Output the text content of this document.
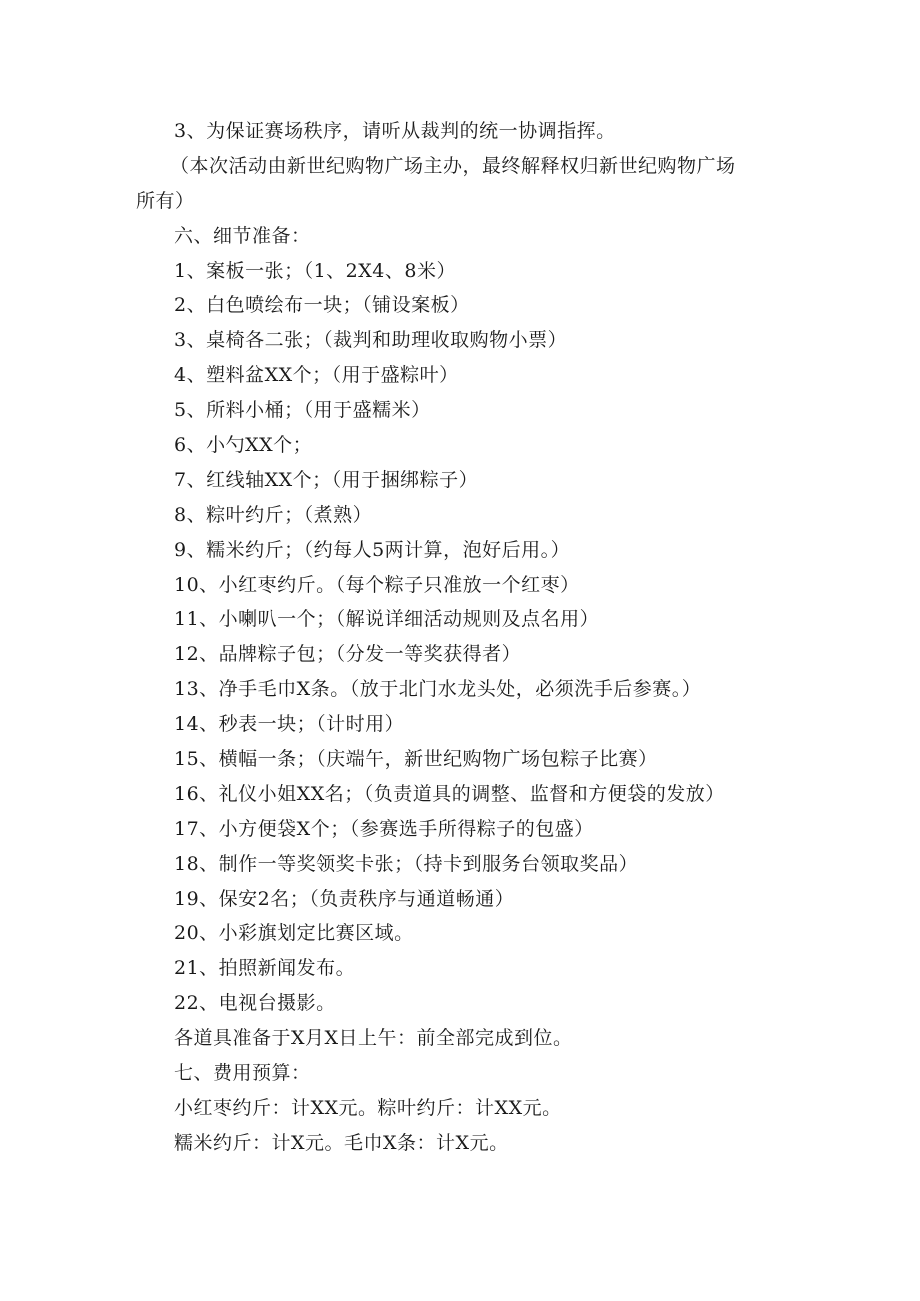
3、为保证赛场秩序，请听从裁判的统一协调指挥。
（本次活动由新世纪购物广场主办，最终解释权归新世纪购物广场
所有）
六、细节准备：
1、案板一张；（1、2X4、8米）
2、白色喷绘布一块；（铺设案板）
3、桌椅各二张；（裁判和助理收取购物小票）
4、塑料盆XX个；（用于盛粽叶）
5、所料小桶；（用于盛糯米）
6、小勺XX个；
7、红线轴XX个；（用于捆绑粽子）
8、粽叶约斤；（煮熟）
9、糯米约斤；（约每人5两计算，泡好后用。）
10、小红枣约斤。（每个粽子只准放一个红枣）
11、小喇叭一个；（解说详细活动规则及点名用）
12、品牌粽子包；（分发一等奖获得者）
13、净手毛巾X条。（放于北门水龙头处，必须洗手后参赛。）
14、秒表一块；（计时用）
15、横幅一条；（庆端午，新世纪购物广场包粽子比赛）
16、礼仪小姐XX名；（负责道具的调整、监督和方便袋的发放）
17、小方便袋X个；（参赛选手所得粽子的包盛）
18、制作一等奖领奖卡张；（持卡到服务台领取奖品）
19、保安2名；（负责秩序与通道畅通）
20、小彩旗划定比赛区域。
21、拍照新闻发布。
22、电视台摄影。
各道具准备于X月X日上午：前全部完成到位。
七、费用预算：
小红枣约斤：计XX元。粽叶约斤：计XX元。
糯米约斤：计X元。毛巾X条：计X元。
